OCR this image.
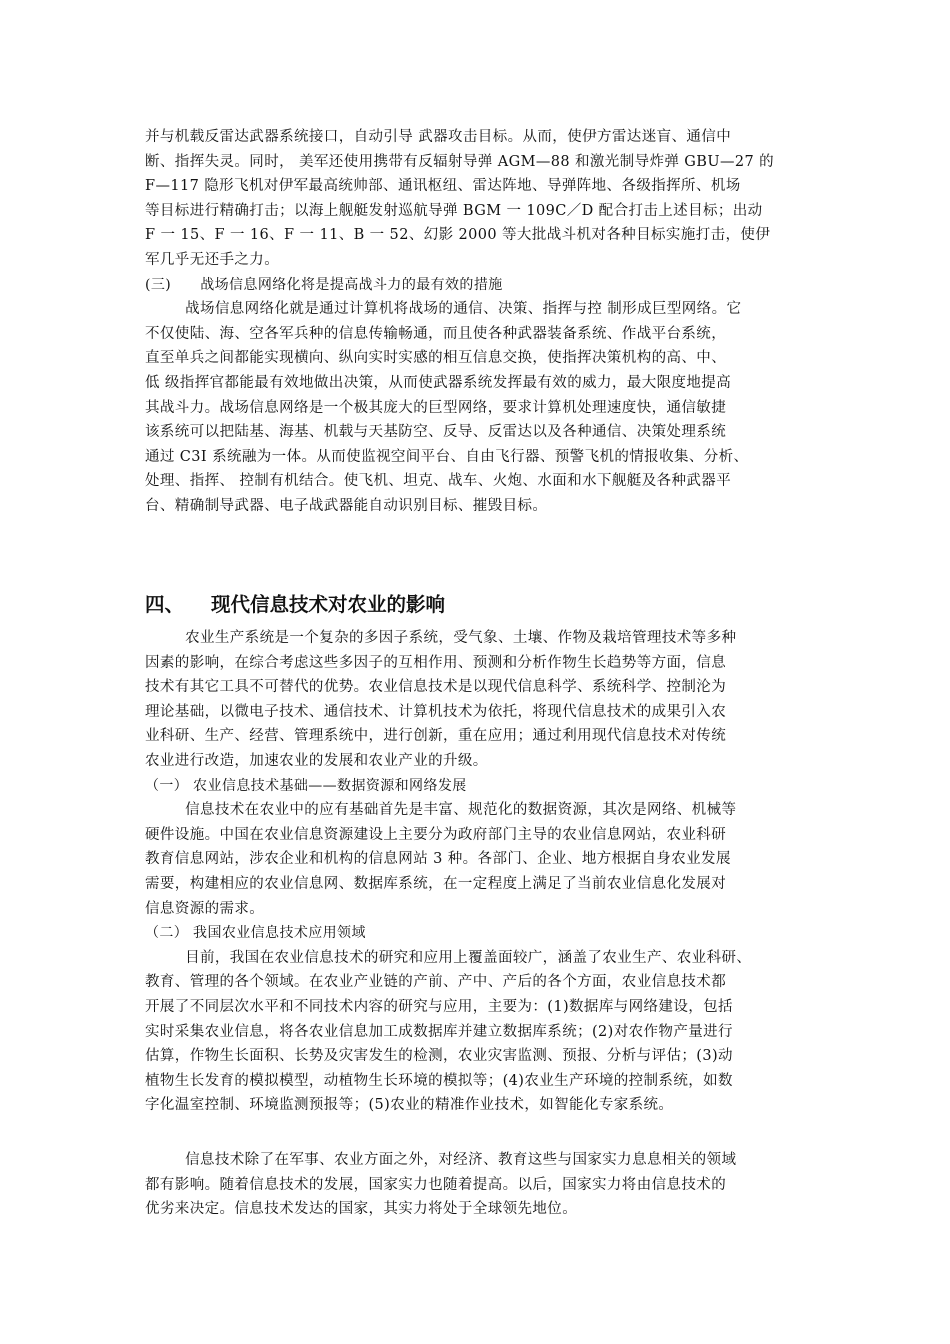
并与机载反雷达武器系统接口，自动引导 武器攻击目标。从而，使伊方雷达迷盲、通信中
断、指挥失灵。同时， 美军还使用携带有反辐射导弹 AGM—88 和激光制导炸弹 GBU—27 的
F—117 隐形飞机对伊军最高统帅部、通讯枢纽、雷达阵地、导弹阵地、各级指挥所、机场
等目标进行精确打击；以海上舰艇发射巡航导弹 BGM 一 109C／D 配合打击上述目标；出动
F 一 15、F 一 16、F 一 11、B 一 52、幻影 2000 等大批战斗机对各种目标实施打击，使伊
军几乎无还手之力。
(三)      战场信息网络化将是提高战斗力的最有效的措施
战场信息网络化就是通过计算机将战场的通信、决策、指挥与控 制形成巨型网络。它
不仅使陆、海、空各军兵种的信息传输畅通，而且使各种武器装备系统、作战平台系统，
直至单兵之间都能实现横向、纵向实时实感的相互信息交换，使指挥决策机构的高、中、
低 级指挥官都能最有效地做出决策，从而使武器系统发挥最有效的威力，最大限度地提高
其战斗力。战场信息网络是一个极其庞大的巨型网络，要求计算机处理速度快，通信敏捷
该系统可以把陆基、海基、机载与天基防空、反导、反雷达以及各种通信、决策处理系统
通过 C3I 系统融为一体。从而使监视空间平台、自由飞行器、预警飞机的情报收集、分析、
处理、指挥、 控制有机结合。使飞机、坦克、战车、火炮、水面和水下舰艇及各种武器平
台、精确制导武器、电子战武器能自动识别目标、摧毁目标。
四、 现代信息技术对农业的影响
农业生产系统是一个复杂的多因子系统，受气象、土壤、作物及栽培管理技术等多种
因素的影响，在综合考虑这些多因子的互相作用、预测和分析作物生长趋势等方面，信息
技术有其它工具不可替代的优势。农业信息技术是以现代信息科学、系统科学、控制沦为
理论基础，以微电子技术、通信技术、计算机技术为依托，将现代信息技术的成果引入农
业科研、生产、经营、管理系统中，进行创新，重在应用；通过利用现代信息技术对传统
农业进行改造，加速农业的发展和农业产业的升级。
（一） 农业信息技术基础——数据资源和网络发展
信息技术在农业中的应有基础首先是丰富、规范化的数据资源，其次是网络、机械等
硬件设施。中国在农业信息资源建设上主要分为政府部门主导的农业信息网站，农业科研
教育信息网站，涉农企业和机构的信息网站 3 种。各部门、企业、地方根据自身农业发展
需要，构建相应的农业信息网、数据库系统，在一定程度上满足了当前农业信息化发展对
信息资源的需求。
（二） 我国农业信息技术应用领域
目前，我国在农业信息技术的研究和应用上覆盖面较广，涵盖了农业生产、农业科研、
教育、管理的各个领域。在农业产业链的产前、产中、产后的各个方面，农业信息技术都
开展了不同层次水平和不同技术内容的研究与应用，主要为：(1)数据库与网络建设，包括
实时采集农业信息，将各农业信息加工成数据库并建立数据库系统；(2)对农作物产量进行
估算，作物生长面积、长势及灾害发生的检测，农业灾害监测、预报、分析与评估；(3)动
植物生长发育的模拟模型，动植物生长环境的模拟等；(4)农业生产环境的控制系统，如数
字化温室控制、环境监测预报等；(5)农业的精准作业技术，如智能化专家系统。
信息技术除了在军事、农业方面之外，对经济、教育这些与国家实力息息相关的领域
都有影响。随着信息技术的发展，国家实力也随着提高。以后，国家实力将由信息技术的
优劣来决定。信息技术发达的国家，其实力将处于全球领先地位。
